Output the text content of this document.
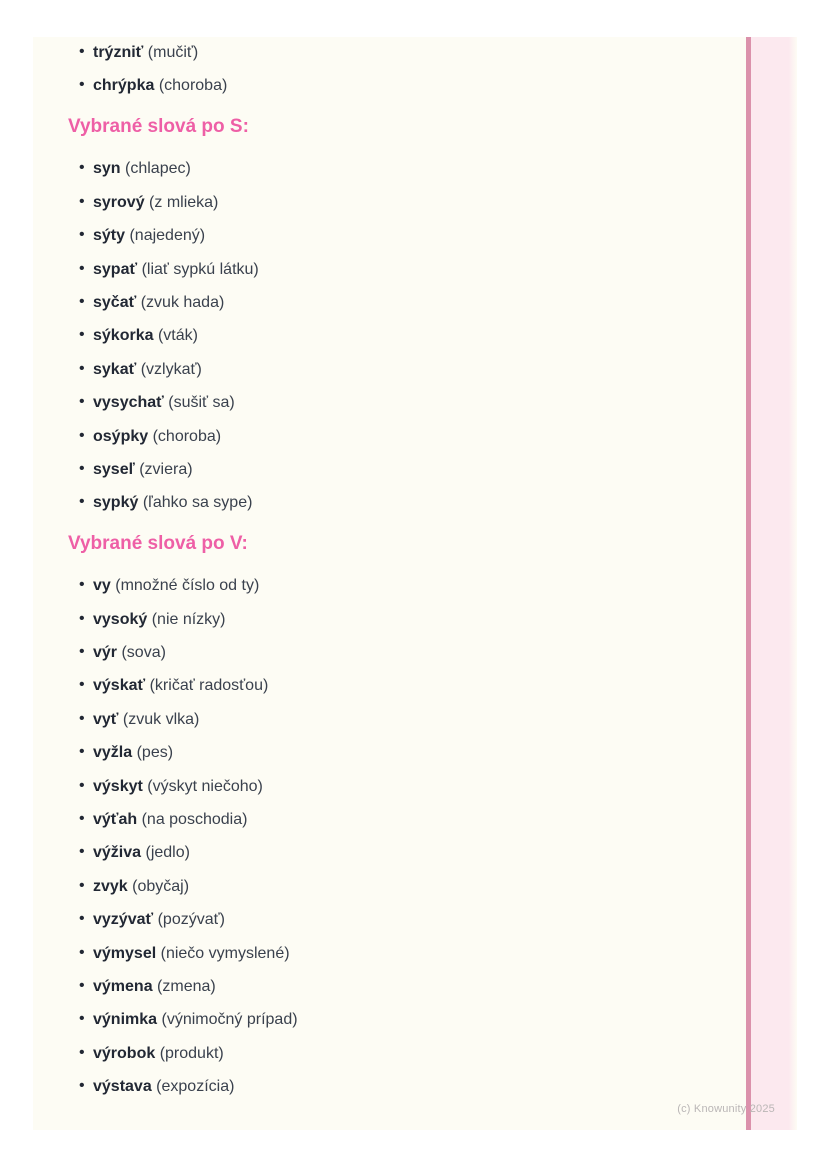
• trýzniť (mučiť)
• chrýpka (choroba)
Vybrané slová po S:
• syn (chlapec)
• syrový (z mlieka)
• sýty (najedený)
• sypať (liať sypkú látku)
• syčať (zvuk hada)
• sýkorka (vták)
• sykať (vzlykať)
• vysychať (sušiť sa)
• osýpky (choroba)
• syseľ (zviera)
• sypký (ľahko sa sype)
Vybrané slová po V:
• vy (množné číslo od ty)
• vysoký (nie nízky)
• výr (sova)
• výskať (kričať radosťou)
• vyť (zvuk vlka)
• vyžla (pes)
• výskyt (výskyt niečoho)
• výťah (na poschodia)
• výživa (jedlo)
• zvyk (obyčaj)
• vyzývať (pozývať)
• výmysel (niečo vymyslené)
• výmena (zmena)
• výnimka (výnimočný prípad)
• výrobok (produkt)
• výstava (expozícia)
(c) Knowunity 2025
